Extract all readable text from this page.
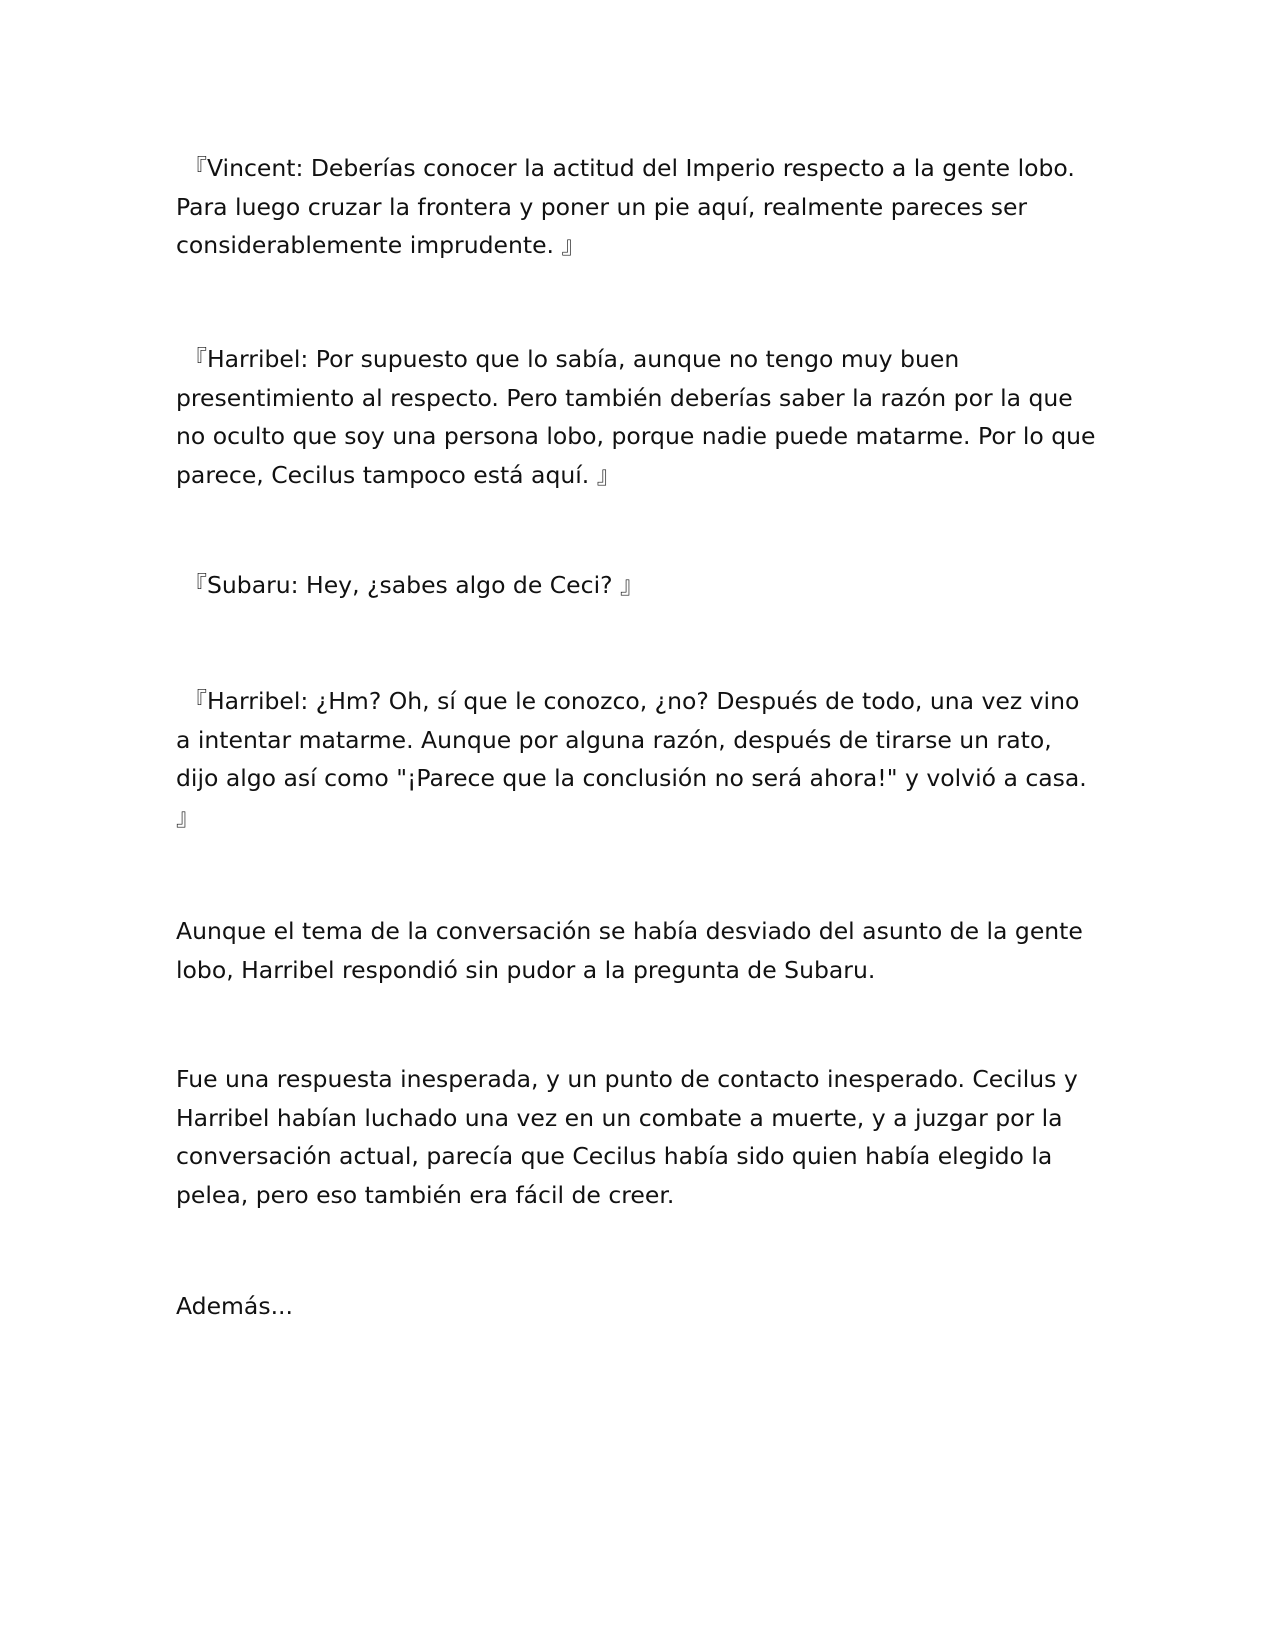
『Vincent: Deberías conocer la actitud del Imperio respecto a la gente lobo. Para luego cruzar la frontera y poner un pie aquí, realmente pareces ser considerablemente imprudente. 』

『Harribel: Por supuesto que lo sabía, aunque no tengo muy buen presentimiento al respecto. Pero también deberías saber la razón por la que no oculto que soy una persona lobo, porque nadie puede matarme. Por lo que parece, Cecilus tampoco está aquí. 』

『Subaru: Hey, ¿sabes algo de Ceci? 』

『Harribel: ¿Hm? Oh, sí que le conozco, ¿no? Después de todo, una vez vino a intentar matarme. Aunque por alguna razón, después de tirarse un rato, dijo algo así como "¡Parece que la conclusión no será ahora!" y volvió a casa. 』

Aunque el tema de la conversación se había desviado del asunto de la gente lobo, Harribel respondió sin pudor a la pregunta de Subaru.

Fue una respuesta inesperada, y un punto de contacto inesperado. Cecilus y Harribel habían luchado una vez en un combate a muerte, y a juzgar por la conversación actual, parecía que Cecilus había sido quien había elegido la pelea, pero eso también era fácil de creer.

Además...
